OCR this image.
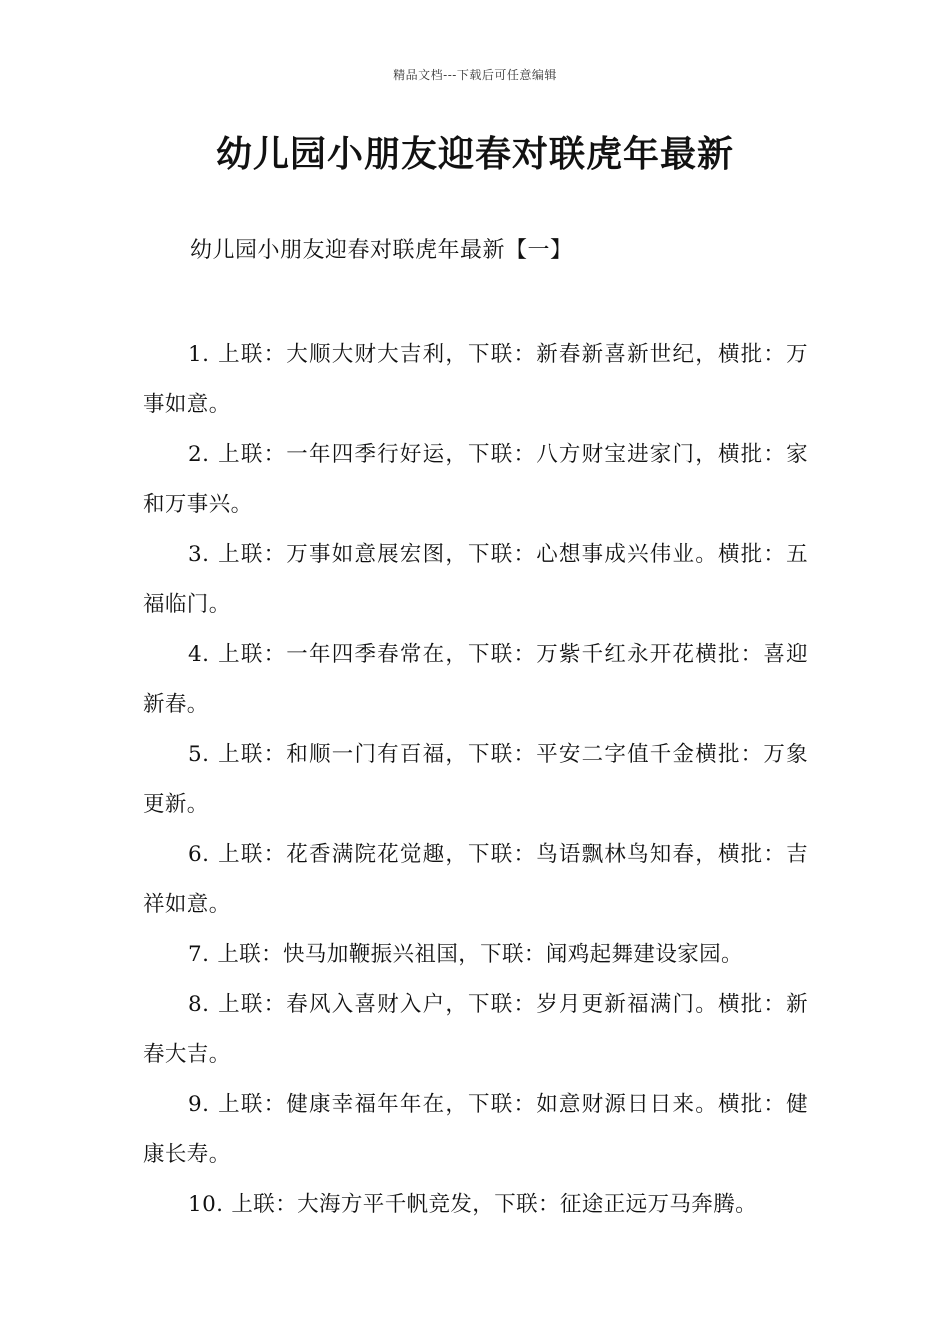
精品文档---下载后可任意编辑
幼儿园小朋友迎春对联虎年最新

幼儿园小朋友迎春对联虎年最新【一】

1. 上联：大顺大财大吉利，下联：新春新喜新世纪，横批：万事如意。

2. 上联：一年四季行好运，下联：八方财宝进家门，横批：家和万事兴。

3. 上联：万事如意展宏图，下联：心想事成兴伟业。横批：五福临门。

4. 上联：一年四季春常在，下联：万紫千红永开花横批：喜迎新春。

5. 上联：和顺一门有百福，下联：平安二字值千金横批：万象更新。

6. 上联：花香满院花觉趣，下联：鸟语飘林鸟知春，横批：吉祥如意。

7. 上联：快马加鞭振兴祖国，下联：闻鸡起舞建设家园。

8. 上联：春风入喜财入户，下联：岁月更新福满门。横批：新春大吉。

9. 上联：健康幸福年年在，下联：如意财源日日来。横批：健康长寿。

10. 上联：大海方平千帆竞发，下联：征途正远万马奔腾。
